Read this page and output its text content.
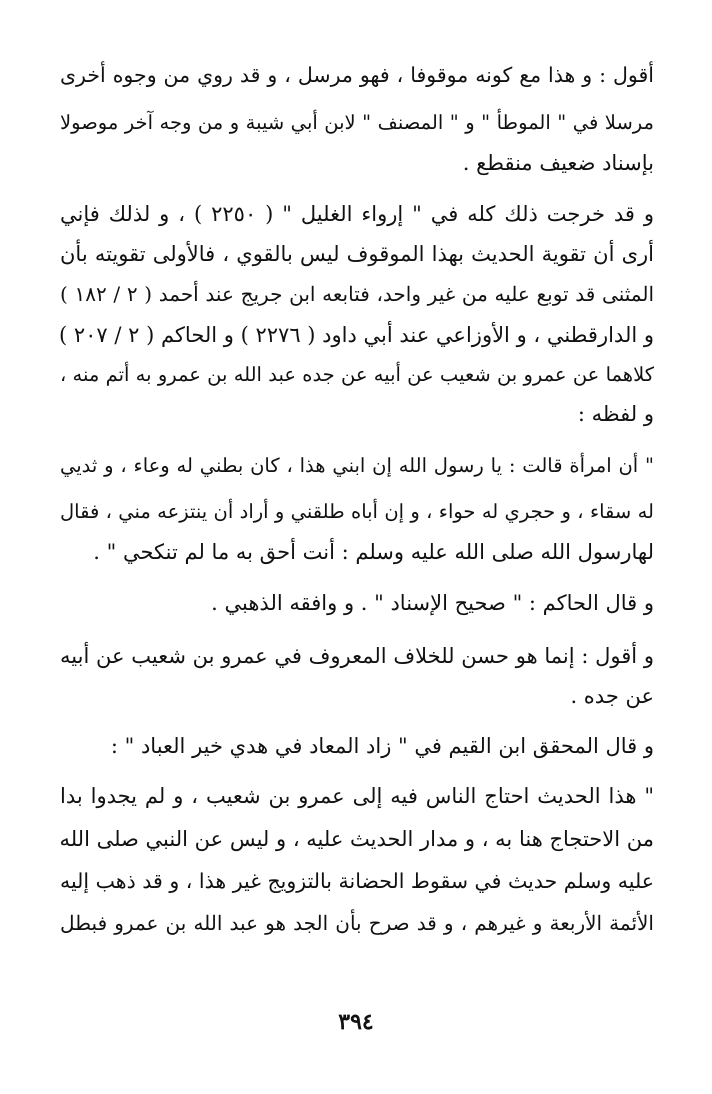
أقول : و هذا مع كونه موقوفا ، فهو مرسل ، و قد روي من وجوه أخرى
مرسلا في " الموطأ " و " المصنف " لابن أبي شيبة و من وجه آخر موصولا
بإسناد ضعيف منقطع .
و قد خرجت ذلك كله في " إرواء الغليل " ( ٢٢٥٠ ) ، و لذلك فإني
أرى أن تقوية الحديث بهذا الموقوف ليس بالقوي ، فالأولى تقويته بأن
المثنى قد توبع عليه من غير واحد، فتابعه ابن جريج عند أحمد ( ٢ / ١٨٢ )
و الدارقطني ، و الأوزاعي عند أبي داود ( ٢٢٧٦ ) و الحاكم ( ٢ / ٢٠٧ )
كلاهما عن عمرو بن شعيب عن أبيه عن جده عبد الله بن عمرو به أتم منه ،
و لفظه :
" أن امرأة قالت : يا رسول الله إن ابني هذا ، كان بطني له وعاء ، و ثديي
له سقاء ، و حجري له حواء ، و إن أباه طلقني و أراد أن ينتزعه مني ، فقال
لهارسول الله صلى الله عليه وسلم : أنت أحق به ما لم تنكحي " .
و قال الحاكم : " صحيح الإسناد " . و وافقه الذهبي .
و أقول : إنما هو حسن للخلاف المعروف في عمرو بن شعيب عن أبيه
عن جده .
و قال المحقق ابن القيم في " زاد المعاد في هدي خير العباد " :
" هذا الحديث احتاج الناس فيه إلى عمرو بن شعيب ، و لم يجدوا بدا
من الاحتجاج هنا به ، و مدار الحديث عليه ، و ليس عن النبي صلى الله
عليه وسلم حديث في سقوط الحضانة بالتزويج غير هذا ، و قد ذهب إليه
الأئمة الأربعة و غيرهم ، و قد صرح بأن الجد هو عبد الله بن عمرو فبطل
٣٩٤
